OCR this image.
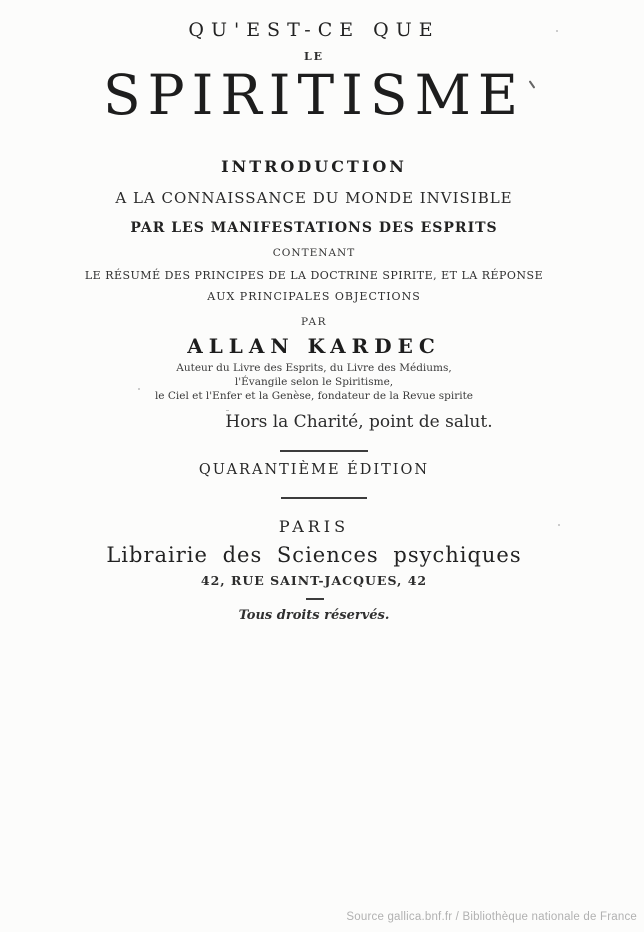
QU'EST-CE QUE
LE
SPIRITISME
INTRODUCTION
A LA CONNAISSANCE DU MONDE INVISIBLE
PAR LES MANIFESTATIONS DES ESPRITS
CONTENANT
LE RÉSUMÉ DES PRINCIPES DE LA DOCTRINE SPIRITE, ET LA RÉPONSE
AUX PRINCIPALES OBJECTIONS
PAR
ALLAN KARDEC
Auteur du Livre des Esprits, du Livre des Médiums,
l'Évangile selon le Spiritisme,
le Ciel et l'Enfer et la Genèse, fondateur de la Revue spirite
Hors la Charité, point de salut.
QUARANTIÈME ÉDITION
PARIS
Librairie des Sciences psychiques
42, RUE SAINT-JACQUES, 42
Tous droits réservés.
Source gallica.bnf.fr / Bibliothèque nationale de France
